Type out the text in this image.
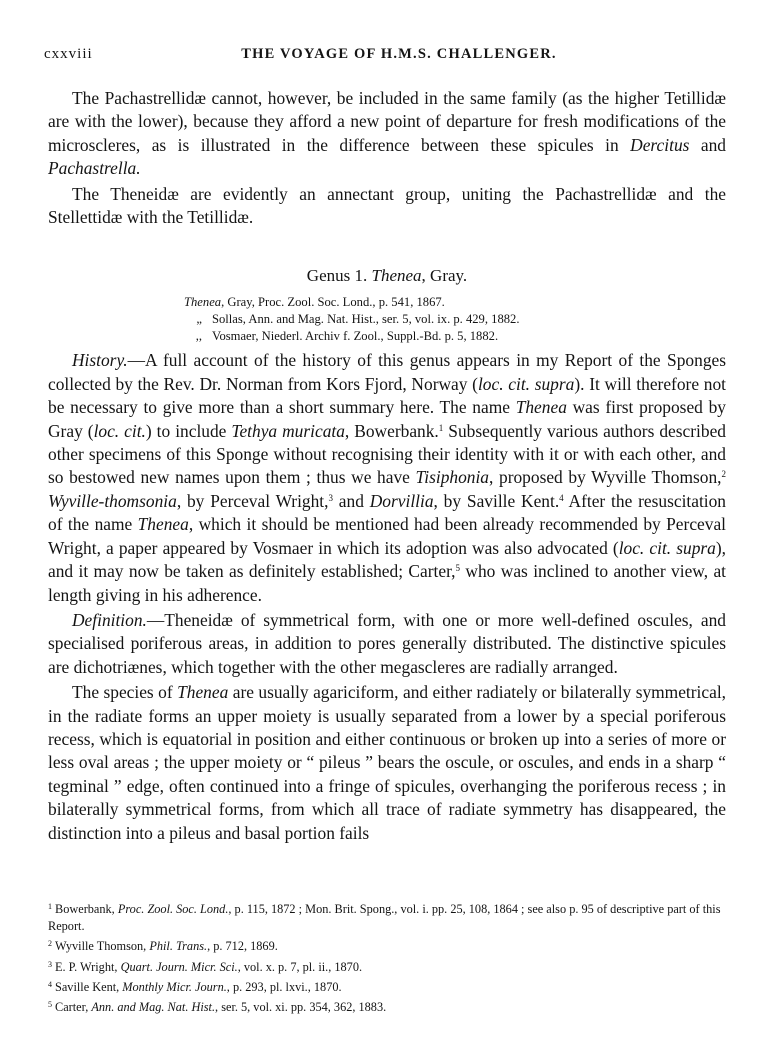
cxxviii	THE VOYAGE OF H.M.S. CHALLENGER.

The Pachastrellidæ cannot, however, be included in the same family (as the higher Tetillidæ are with the lower), because they afford a new point of departure for fresh modifications of the microscleres, as is illustrated in the difference between these spicules in Dercitus and Pachastrella.

The Theneidæ are evidently an annectant group, uniting the Pachastrellidæ and the Stellettidæ with the Tetillidæ.

Genus 1. Thenea, Gray.
Thenea, Gray, Proc. Zool. Soc. Lond., p. 541, 1867.
„ Sollas, Ann. and Mag. Nat. Hist., ser. 5, vol. ix. p. 429, 1882.
,, Vosmaer, Niederl. Archiv f. Zool., Suppl.-Bd. p. 5, 1882.

History.—A full account of the history of this genus appears in my Report of the Sponges collected by the Rev. Dr. Norman from Kors Fjord, Norway (loc. cit. supra). It will therefore not be necessary to give more than a short summary here. The name Thenea was first proposed by Gray (loc. cit.) to include Tethya muricata, Bowerbank.$^1$ Subsequently various authors described other specimens of this Sponge without recognising their identity with it or with each other, and so bestowed new names upon them ; thus we have Tisiphonia, proposed by Wyville Thomson,$^2$ Wyville-thomsonia, by Perceval Wright,$^3$ and Dorvillia, by Saville Kent.$^4$ After the resuscitation of the name Thenea, which it should be mentioned had been already recommended by Perceval Wright, a paper appeared by Vosmaer in which its adoption was also advocated (loc. cit. supra), and it may now be taken as definitely established; Carter,$^5$ who was inclined to another view, at length giving in his adherence.

Definition.—Theneidæ of symmetrical form, with one or more well-defined oscules, and specialised poriferous areas, in addition to pores generally distributed. The distinctive spicules are dichotriænes, which together with the other megascleres are radially arranged.

The species of Thenea are usually agariciform, and either radiately or bilaterally symmetrical, in the radiate forms an upper moiety is usually separated from a lower by a special poriferous recess, which is equatorial in position and either continuous or broken up into a series of more or less oval areas ; the upper moiety or “ pileus ” bears the oscule, or oscules, and ends in a sharp “ tegminal ” edge, often continued into a fringe of spicules, overhanging the poriferous recess ; in bilaterally symmetrical forms, from which all trace of radiate symmetry has disappeared, the distinction into a pileus and basal portion fails

$^1$ Bowerbank, Proc. Zool. Soc. Lond., p. 115, 1872 ; Mon. Brit. Spong., vol. i. pp. 25, 108, 1864 ; see also p. 95 of descriptive part of this Report.
$^2$ Wyville Thomson, Phil. Trans., p. 712, 1869.
$^3$ E. P. Wright, Quart. Journ. Micr. Sci., vol. x. p. 7, pl. ii., 1870.
$^4$ Saville Kent, Monthly Micr. Journ., p. 293, pl. lxvi., 1870.
$^5$ Carter, Ann. and Mag. Nat. Hist., ser. 5, vol. xi. pp. 354, 362, 1883.
